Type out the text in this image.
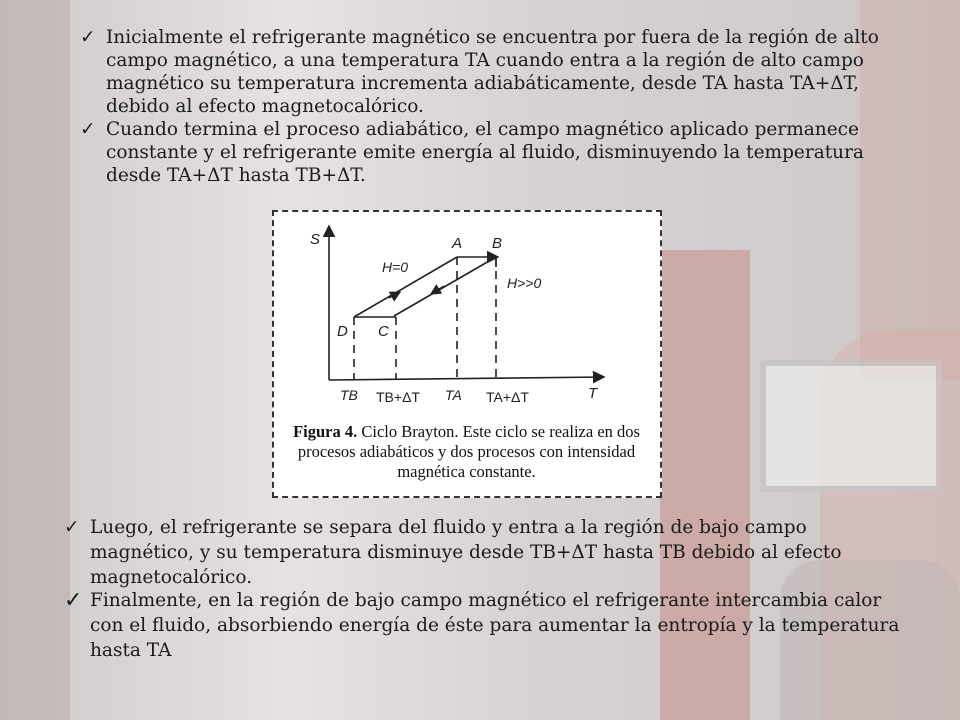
✓ Inicialmente el refrigerante magnético se encuentra por fuera de la región de alto campo magnético, a una temperatura TA cuando entra a la región de alto campo magnético su temperatura incrementa adiabáticamente, desde TA hasta TA+ΔT, debido al efecto magnetocalórico.
✓ Cuando termina el proceso adiabático, el campo magnético aplicado permanece constante y el refrigerante emite energía al fluido, disminuyendo la temperatura desde TA+ΔT hasta TB+ΔT.
✓ Luego, el refrigerante se separa del fluido y entra a la región de bajo campo magnético, y su temperatura disminuye desde TB+ΔT hasta TB debido al efecto magnetocalórico.
✓ Finalmente, en la región de bajo campo magnético el refrigerante intercambia calor con el fluido, absorbiendo energía de éste para aumentar la entropía y la temperatura hasta TA
S
T
A B
C
D
H=0
H>>0
TB TB+ΔT TA TA+ΔT
Figura 4. Ciclo Brayton. Este ciclo se realiza en dos procesos adiabáticos y dos procesos con intensidad magnética constante.
